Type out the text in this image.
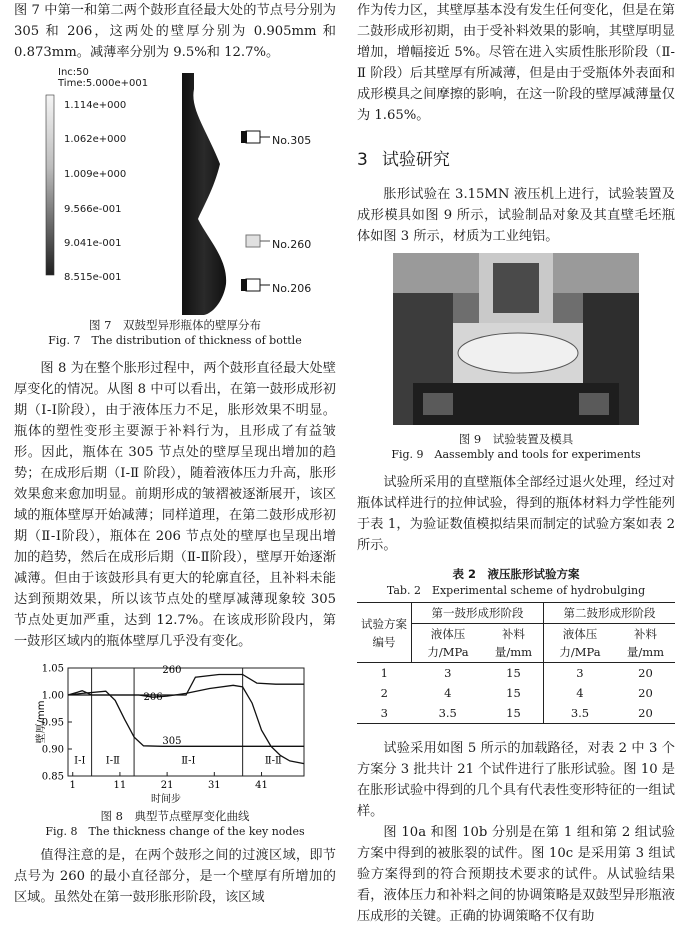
图 7 中第一和第二两个鼓形直径最大处的节点号分别为 305 和 206，这两处的壁厚分别为 0.905mm 和 0.873mm。减薄率分别为 9.5%和 12.7%。

Inc:50
Time:5.000e+001
1.114e+000
1.062e+000
1.009e+000
9.566e-001
9.041e-001
8.515e-001
No.305
No.260
No.206
图 7　双鼓型异形瓶体的壁厚分布
Fig. 7　The distribution of thickness of bottle

图 8 为在整个胀形过程中，两个鼓形直径最大处壁厚变化的情况。从图 8 中可以看出，在第一鼓形成形初期（Ⅰ-Ⅰ阶段），由于液体压力不足，胀形效果不明显。瓶体的塑性变形主要源于补料行为，且形成了有益皱形。因此，瓶体在 305 节点处的壁厚呈现出增加的趋势；在成形后期（Ⅰ-Ⅱ 阶段），随着液体压力升高，胀形效果愈来愈加明显。前期形成的皱褶被逐渐展开，该区域的瓶体壁厚开始减薄；同样道理，在第二鼓形成形初期（Ⅱ-Ⅰ阶段），瓶体在 206 节点处的壁厚也呈现出增加的趋势，然后在成形后期（Ⅱ-Ⅱ阶段），壁厚开始逐渐减薄。但由于该鼓形具有更大的轮廓直径，且补料未能达到预期效果，所以该节点处的壁厚减薄现象较 305 节点处更加严重，达到 12.7%。在该成形阶段内，第一鼓形区域内的瓶体壁厚几乎没有变化。

Ⅰ-Ⅰ Ⅰ-Ⅱ	Ⅱ-Ⅰ	Ⅱ-Ⅱ
0.85
0.90
0.95
1.00
1.05
1	11	21	31	41
壁厚/mm
时间步
260
206
305
图 8　典型节点壁厚变化曲线
Fig. 8　The thickness change of the key nodes

值得注意的是，在两个鼓形之间的过渡区域，即节点号为 260 的最小直径部分，是一个壁厚有所增加的区域。虽然处在第一鼓形胀形阶段，该区域

作为传力区，其壁厚基本没有发生任何变化，但是在第二鼓形成形初期，由于受补料效果的影响，其壁厚明显增加，增幅接近 5%。尽管在进入实质性胀形阶段（Ⅱ-Ⅱ 阶段）后其壁厚有所减薄，但是由于受瓶体外表面和成形模具之间摩擦的影响，在这一阶段的壁厚减薄量仅为 1.65%。

3 试验研究

胀形试验在 3.15MN 液压机上进行，试验装置及成形模具如图 9 所示，试验制品对象及其直壁毛坯瓶体如图 3 所示，材质为工业纯铝。

图 9　试验装置及模具
Fig. 9　Aassembly and tools for experiments

试验所采用的直壁瓶体全部经过退火处理，经过对瓶体试样进行的拉伸试验，得到的瓶体材料力学性能列于表 1，为验证数值模拟结果而制定的试验方案如表 2 所示。

表 2　液压胀形试验方案
Tab. 2　Experimental scheme of hydrobulging
试验方案编号	第一鼓形成形阶段		第二鼓形成形阶段	
	液体压力/MPa	补料量/mm	液体压力/MPa	补料量/mm
1	3	15	3	20
2	4	15	4	20
3	3.5	15	3.5	20

试验采用如图 5 所示的加载路径，对表 2 中 3 个方案分 3 批共计 21 个试件进行了胀形试验。图 10 是在胀形试验中得到的几个具有代表性变形特征的一组试样。

图 10a 和图 10b 分别是在第 1 组和第 2 组试验方案中得到的被胀裂的试件。图 10c 是采用第 3 组试验方案得到的符合预期技术要求的试件。从试验结果看，液体压力和补料之间的协调策略是双鼓型异形瓶液压成形的关键。正确的协调策略不仅有助
